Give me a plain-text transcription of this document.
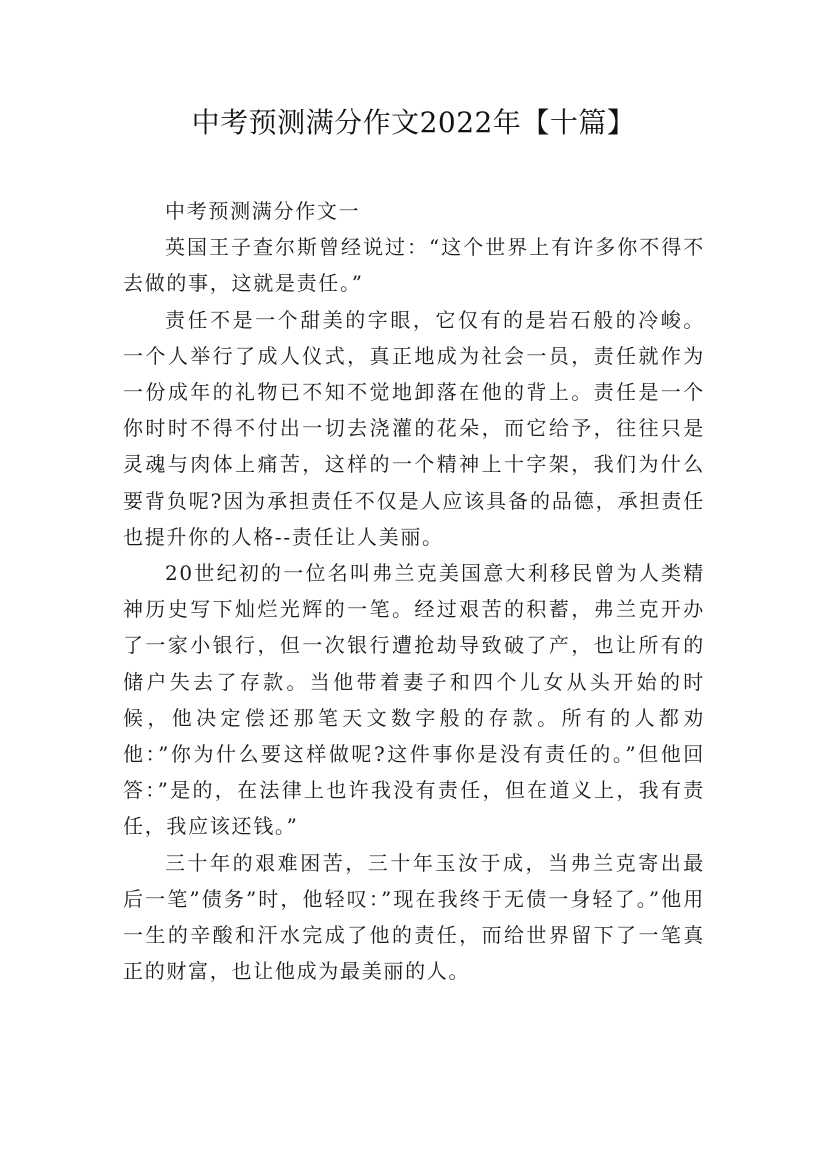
中考预测满分作文2022年【十篇】

中考预测满分作文一

英国王子查尔斯曾经说过：“这个世界上有许多你不得不去做的事，这就是责任。”

责任不是一个甜美的字眼，它仅有的是岩石般的冷峻。一个人举行了成人仪式，真正地成为社会一员，责任就作为一份成年的礼物已不知不觉地卸落在他的背上。责任是一个你时时不得不付出一切去浇灌的花朵，而它给予，往往只是灵魂与肉体上痛苦，这样的一个精神上十字架，我们为什么要背负呢?因为承担责任不仅是人应该具备的品德，承担责任也提升你的人格--责任让人美丽。

20世纪初的一位名叫弗兰克美国意大利移民曾为人类精神历史写下灿烂光辉的一笔。经过艰苦的积蓄，弗兰克开办了一家小银行，但一次银行遭抢劫导致破了产，也让所有的储户失去了存款。当他带着妻子和四个儿女从头开始的时候，他决定偿还那笔天文数字般的存款。所有的人都劝他：”你为什么要这样做呢?这件事你是没有责任的。”但他回答：”是的，在法律上也许我没有责任，但在道义上，我有责任，我应该还钱。”

三十年的艰难困苦，三十年玉汝于成，当弗兰克寄出最后一笔”债务”时，他轻叹：”现在我终于无债一身轻了。”他用一生的辛酸和汗水完成了他的责任，而给世界留下了一笔真正的财富，也让他成为最美丽的人。
